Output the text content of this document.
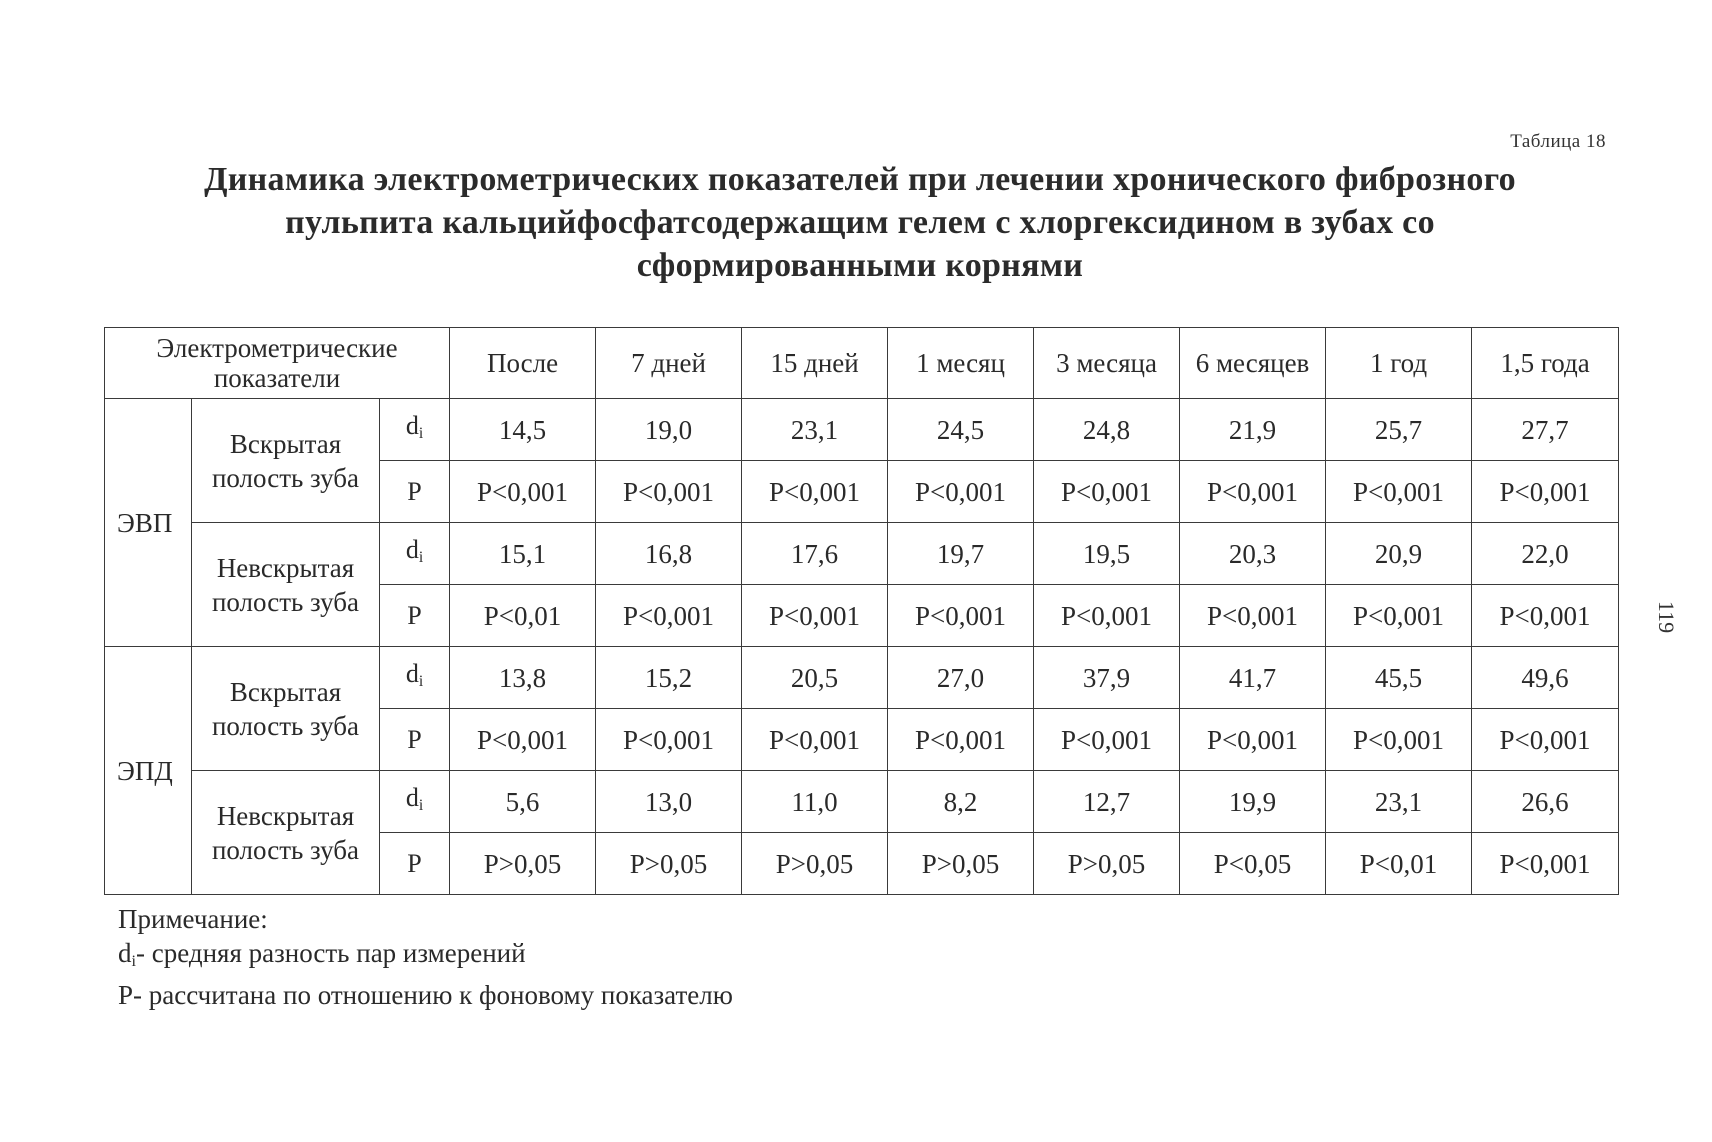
Таблица 18
Динамика электрометрических показателей при лечении хронического фиброзного
пульпита кальцийфосфатсодержащим гелем с хлоргексидином в зубах со
сформированными корнями
119
Электрометрические показатели			После	7 дней	15 дней	1 месяц	3 месяца	6 месяцев	1 год	1,5 года
ЭВП	Вскрытая полость зуба	$d_i$	14,5	19,0	23,1	24,5	24,8	21,9	25,7	27,7
		P	P<0,001	P<0,001	P<0,001	P<0,001	P<0,001	P<0,001	P<0,001	P<0,001
	Невскрытая полость зуба	$d_i$	15,1	16,8	17,6	19,7	19,5	20,3	20,9	22,0
		P	P<0,01	P<0,001	P<0,001	P<0,001	P<0,001	P<0,001	P<0,001	P<0,001
ЭПД	Вскрытая полость зуба	$d_i$	13,8	15,2	20,5	27,0	37,9	41,7	45,5	49,6
		P	P<0,001	P<0,001	P<0,001	P<0,001	P<0,001	P<0,001	P<0,001	P<0,001
	Невскрытая полость зуба	$d_i$	5,6	13,0	11,0	8,2	12,7	19,9	23,1	26,6
		P	P>0,05	P>0,05	P>0,05	P>0,05	P>0,05	P<0,05	P<0,01	P<0,001
Примечание:
$d_i-$ средняя разность пар измерений
P- рассчитана по отношению к фоновому показателю
